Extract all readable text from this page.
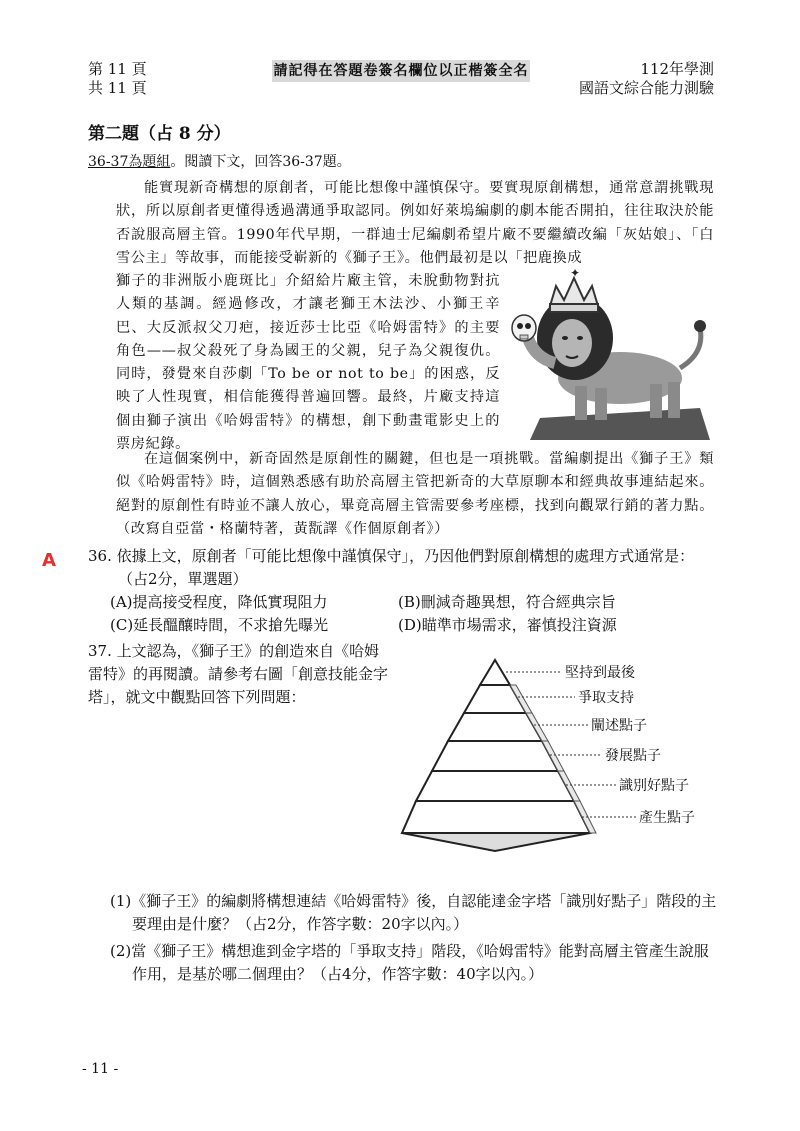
第 11 頁
共 11 頁
請記得在答題卷簽名欄位以正楷簽全名	112年學測
國語文綜合能力測驗
第二題（占 8 分）
36-37為題組。閱讀下文，回答36-37題。
能實現新奇構想的原創者，可能比想像中謹慎保守。要實現原創構想，通常意謂挑戰現狀，所以原創者更懂得透過溝通爭取認同。例如好萊塢編劇的劇本能否開拍，往往取決於能否說服高層主管。1990年代早期，一群迪士尼編劇希望片廠不要繼續改編「灰姑娘」、「白雪公主」等故事，而能接受嶄新的《獅子王》。他們最初是以「把鹿換成
獅子的非洲版小鹿斑比」介紹給片廠主管，未脫動物對抗人類的基調。經過修改，才讓老獅王木法沙、小獅王辛巴、大反派叔父刀疤，接近莎士比亞《哈姆雷特》的主要角色——叔父殺死了身為國王的父親，兒子為父親復仇。同時，發覺來自莎劇「To be or not to be」的困惑，反映了人性現實，相信能獲得普遍回響。最終，片廠支持這個由獅子演出《哈姆雷特》的構想，創下動畫電影史上的票房紀錄。
✦
在這個案例中，新奇固然是原創性的關鍵，但也是一項挑戰。當編劇提出《獅子王》類似《哈姆雷特》時，這個熟悉感有助於高層主管把新奇的大草原聊本和經典故事連結起來。絕對的原創性有時並不讓人放心，畢竟高層主管需要參考座標，找到向觀眾行銷的著力點。（改寫自亞當・格蘭特著，黃翫譯《作個原創者》）
A 36. 依據上文，原創者「可能比想像中謹慎保守」，乃因他們對原創構想的處理方式通常是：
（占2分，單選題）
(A)提高接受程度，降低實現阻力	(B)刪減奇趣異想，符合經典宗旨
(C)延長醞釀時間，不求搶先曝光	(D)瞄準市場需求，審慎投注資源
37. 上文認為，《獅子王》的創造來自《哈姆雷特》的再閱讀。請參考右圖「創意技能金字塔」，就文中觀點回答下列問題：
堅持到最後
爭取支持
闡述點子
發展點子
識別好點子
產生點子
(1)《獅子王》的編劇將構想連結《哈姆雷特》後，自認能達金字塔「識別好點子」階段的主要理由是什麼？（占2分，作答字數：20字以內。）
(2)當《獅子王》構想進到金字塔的「爭取支持」階段，《哈姆雷特》能對高層主管產生說服作用，是基於哪二個理由？（占4分，作答字數：40字以內。）
- 11 -
